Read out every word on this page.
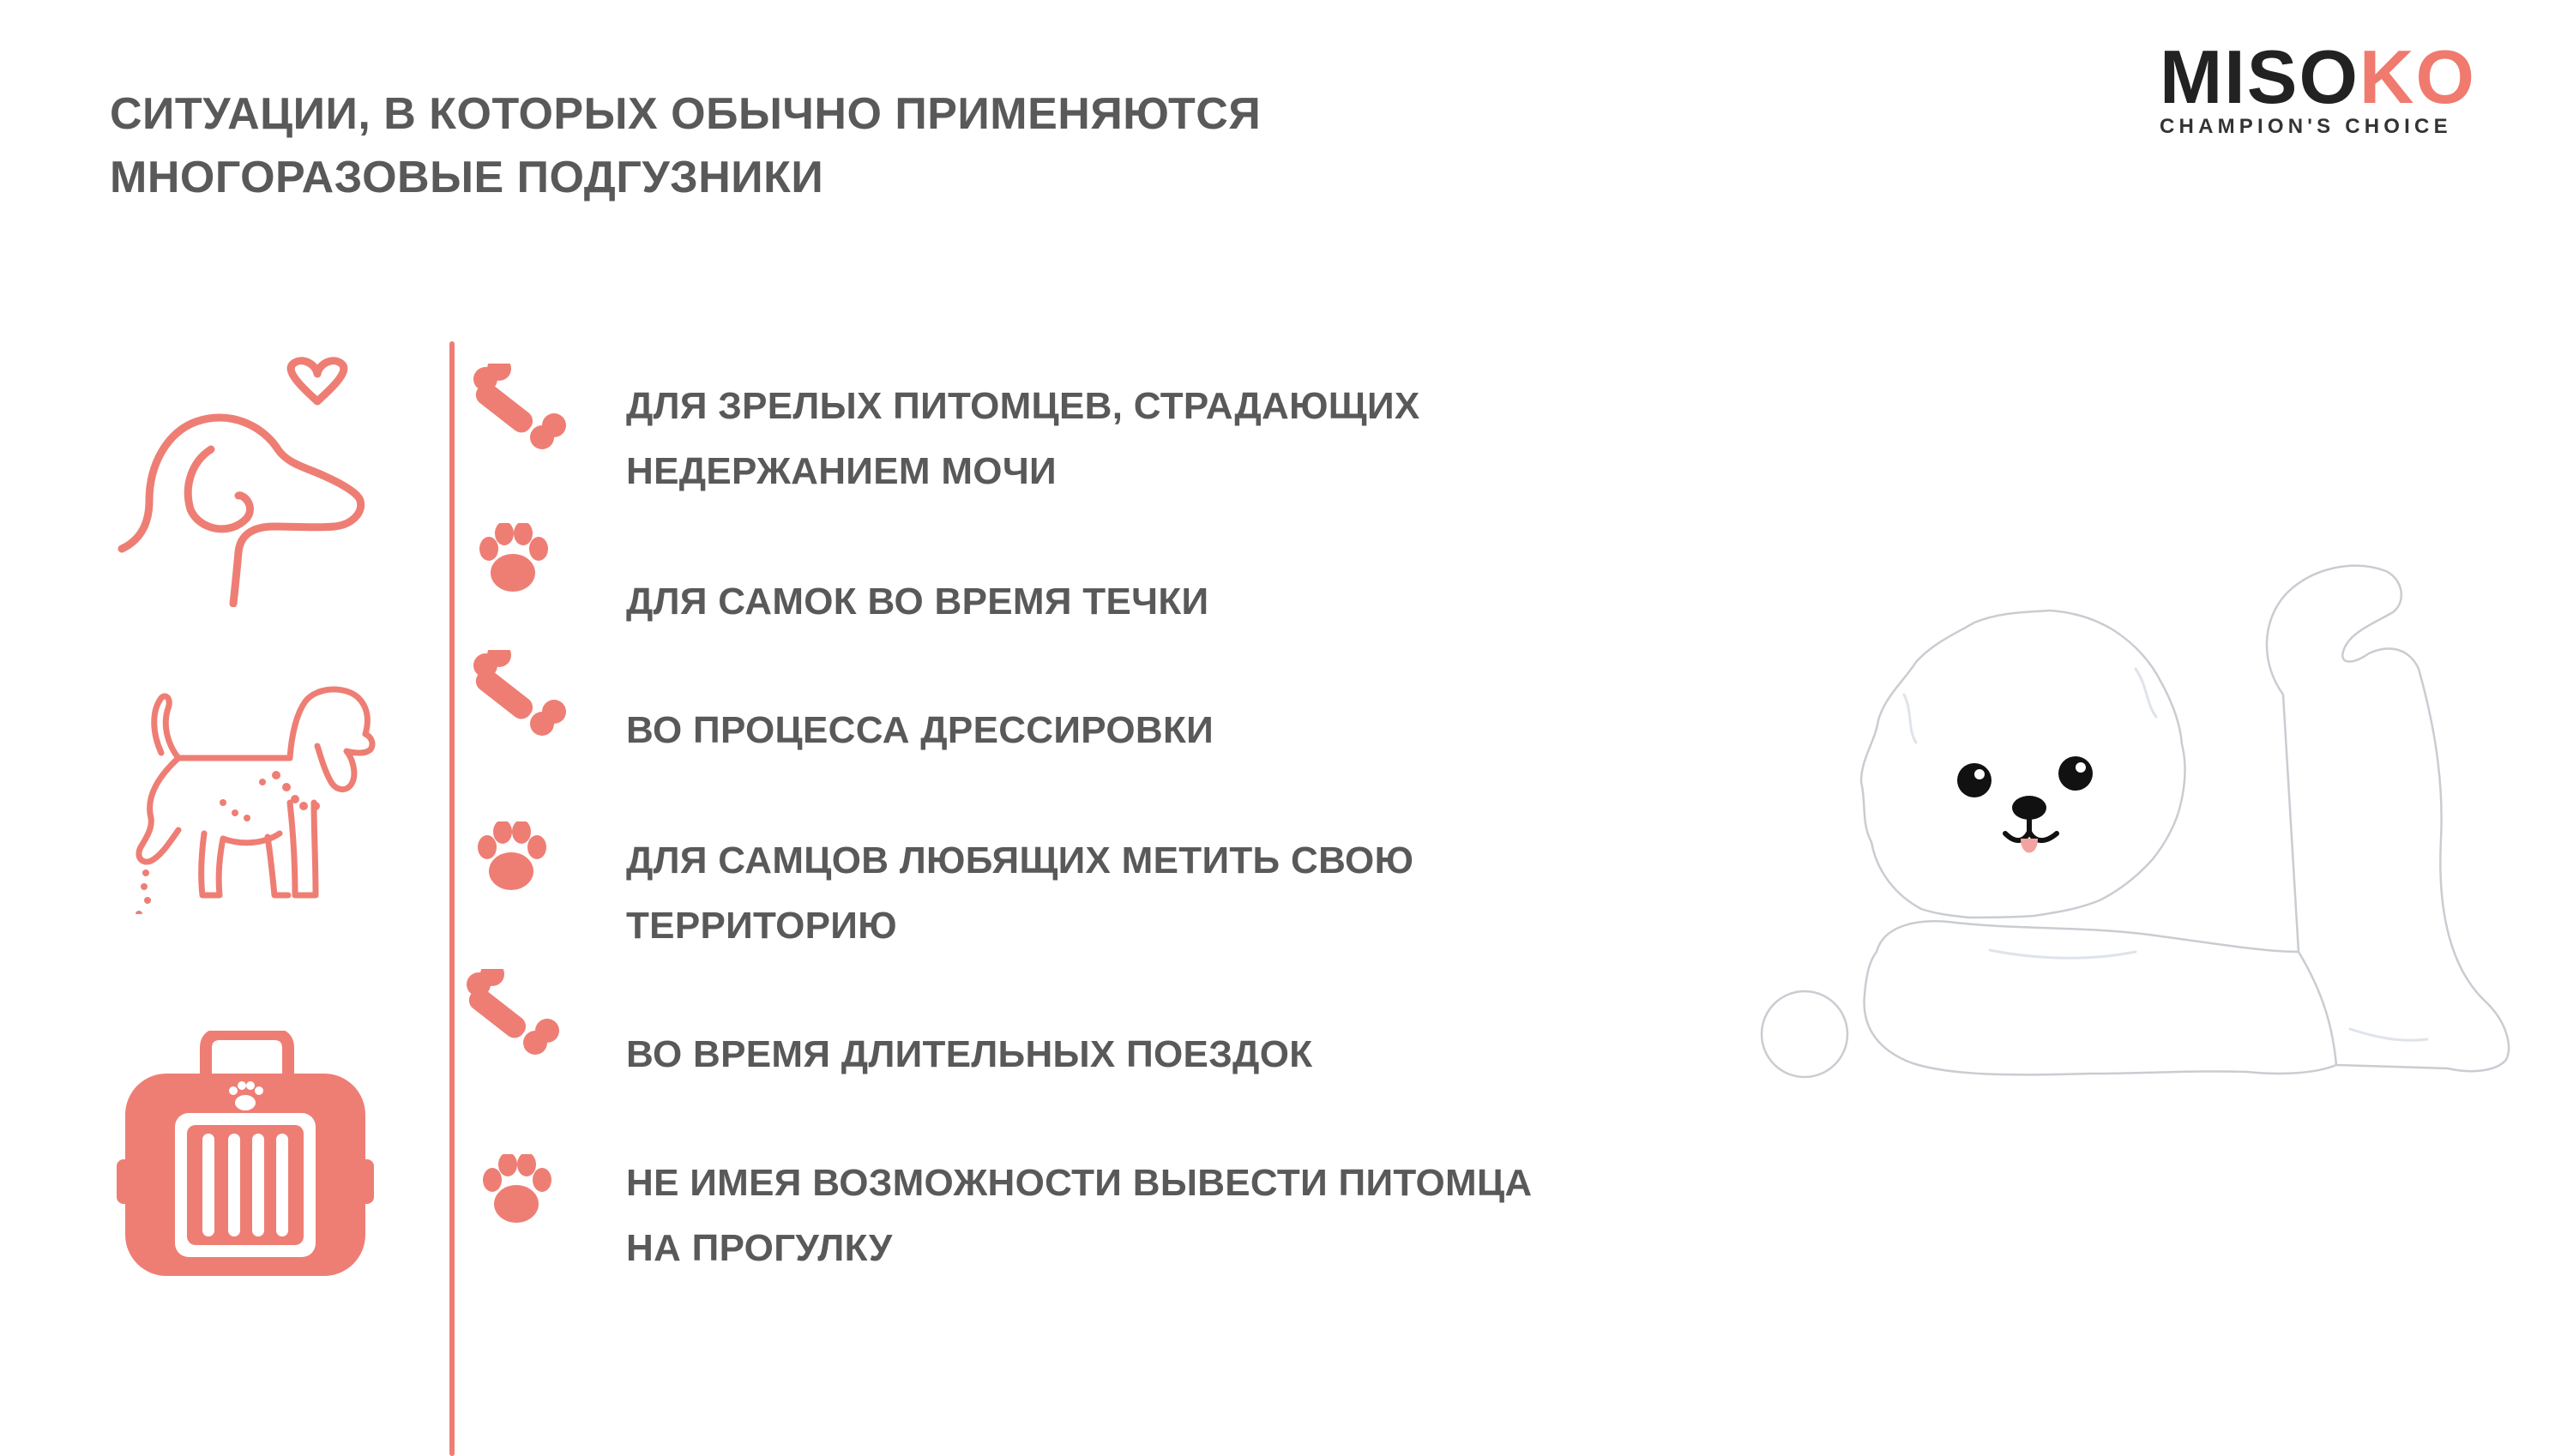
СИТУАЦИИ, В КОТОРЫХ ОБЫЧНО ПРИМЕНЯЮТСЯ
МНОГОРАЗОВЫЕ ПОДГУЗНИКИ
MISOKO
CHAMPION'S CHOICE
ДЛЯ ЗРЕЛЫХ ПИТОМЦЕВ, СТРАДАЮЩИХ
НЕДЕРЖАНИЕМ МОЧИ
ДЛЯ САМОК ВО ВРЕМЯ ТЕЧКИ
ВО ПРОЦЕССА ДРЕССИРОВКИ
ДЛЯ САМЦОВ ЛЮБЯЩИХ МЕТИТЬ СВОЮ
ТЕРРИТОРИЮ
ВО ВРЕМЯ ДЛИТЕЛЬНЫХ ПОЕЗДОК
НЕ ИМЕЯ ВОЗМОЖНОСТИ ВЫВЕСТИ ПИТОМЦА
НА ПРОГУЛКУ
